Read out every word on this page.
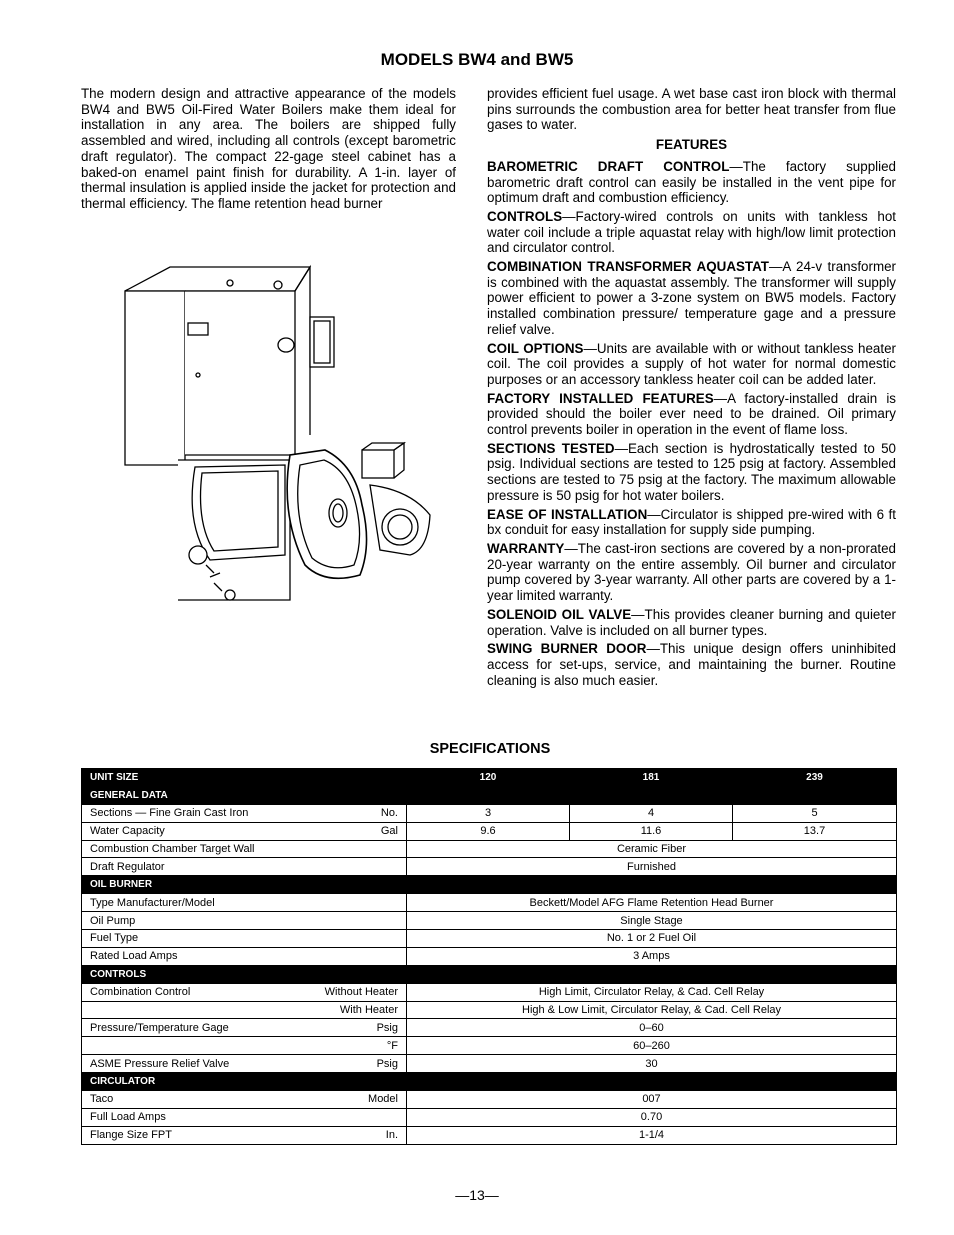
MODELS BW4 and BW5

The modern design and attractive appearance of the models BW4 and BW5 Oil-Fired Water Boilers make them ideal for installation in any area. The boilers are shipped fully assembled and wired, including all controls (except barometric draft regulator). The compact 22-gage steel cabinet has a baked-on enamel paint finish for durability. A 1-in. layer of thermal insulation is applied inside the jacket for protection and thermal efficiency. The flame retention head burner

provides efficient fuel usage. A wet base cast iron block with thermal pins surrounds the combustion area for better heat transfer from flue gases to water.

FEATURES

BAROMETRIC DRAFT CONTROL—The factory supplied barometric draft control can easily be installed in the vent pipe for optimum draft and combustion efficiency.

CONTROLS—Factory-wired controls on units with tankless hot water coil include a triple aquastat relay with high/low limit protection and circulator control.

COMBINATION TRANSFORMER AQUASTAT—A 24-v transformer is combined with the aquastat assembly. The transformer will supply power efficient to power a 3-zone system on BW5 models. Factory installed combination pressure/ temperature gage and a pressure relief valve.

COIL OPTIONS—Units are available with or without tankless heater coil. The coil provides a supply of hot water for normal domestic purposes or an accessory tankless heater coil can be added later.

FACTORY INSTALLED FEATURES—A factory-installed drain is provided should the boiler ever need to be drained. Oil primary control prevents boiler in operation in the event of flame loss.

SECTIONS TESTED—Each section is hydrostatically tested to 50 psig. Individual sections are tested to 125 psig at factory. Assembled sections are tested to 75 psig at the factory. The maximum allowable pressure is 50 psig for hot water boilers.

EASE OF INSTALLATION—Circulator is shipped pre-wired with 6 ft bx conduit for easy installation for supply side pumping.

WARRANTY—The cast-iron sections are covered by a non-prorated 20-year warranty on the entire assembly. Oil burner and circulator pump covered by 3-year warranty. All other parts are covered by a 1-year limited warranty.

SOLENOID OIL VALVE—This provides cleaner burning and quieter operation. Valve is included on all burner types.

SWING BURNER DOOR—This unique design offers uninhibited access for set-ups, service, and maintaining the burner. Routine cleaning is also much easier.

SPECIFICATIONS
UNIT SIZE		120	181	239
GENERAL DATA				
Sections — Fine Grain Cast Iron	No.	3	4	5
Water Capacity	Gal	9.6	11.6	13.7
Combustion Chamber Target Wall		Ceramic Fiber		
Draft Regulator		Furnished		
OIL BURNER				
Type Manufacturer/Model		Beckett/Model AFG Flame Retention Head Burner		
Oil Pump		Single Stage		
Fuel Type		No. 1 or 2 Fuel Oil		
Rated Load Amps		3 Amps		
CONTROLS				
Combination Control	Without Heater	High Limit, Circulator Relay, & Cad. Cell Relay		
	With Heater	High & Low Limit, Circulator Relay, & Cad. Cell Relay		
Pressure/Temperature Gage	Psig	0–60		
	°F	60–260		
ASME Pressure Relief Valve	Psig	30		
CIRCULATOR				
Taco	Model	007		
Full Load Amps		0.70		
Flange Size FPT	In.	1-1/4		
—13—
